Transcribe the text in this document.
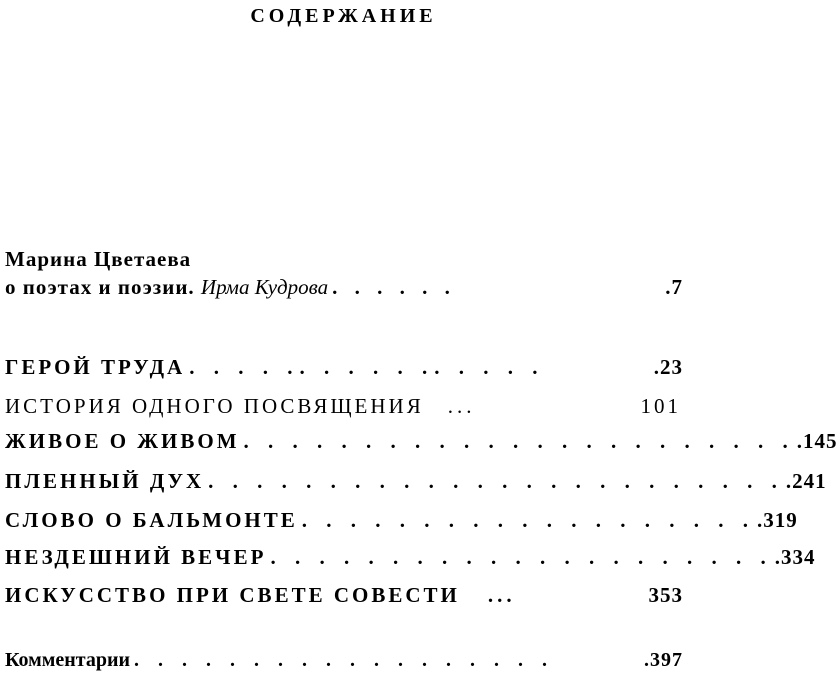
СОДЕРЖАНИЕ
Марина Цветаева
о поэтах и поэзии. Ирма Кудрова . . . . . .	.7
ГЕРОЙ ТРУДА . . . . .. . . . . .. . . . .	.23
ИСТОРИЯ ОДНОГО ПОСВЯЩЕНИЯ	...	101
ЖИВОЕ О ЖИВОМ . . . . . . . . . . . . . . . . . . . . . . . .145
ПЛЕННЫЙ ДУХ . . . . . . . . . . . . . . . . . . . . . . . . .241
СЛОВО О БАЛЬМОНТЕ . . . . . . . . . . . . . . . . . . . .319
НЕЗДЕШНИЙ ВЕЧЕР . . . . . . . . . . . . . . . . . . . . . .334
ИСКУССТВО ПРИ СВЕТЕ СОВЕСТИ	...	353
Комментарии . . . . . . . . . . . . . . . . . .	.397
